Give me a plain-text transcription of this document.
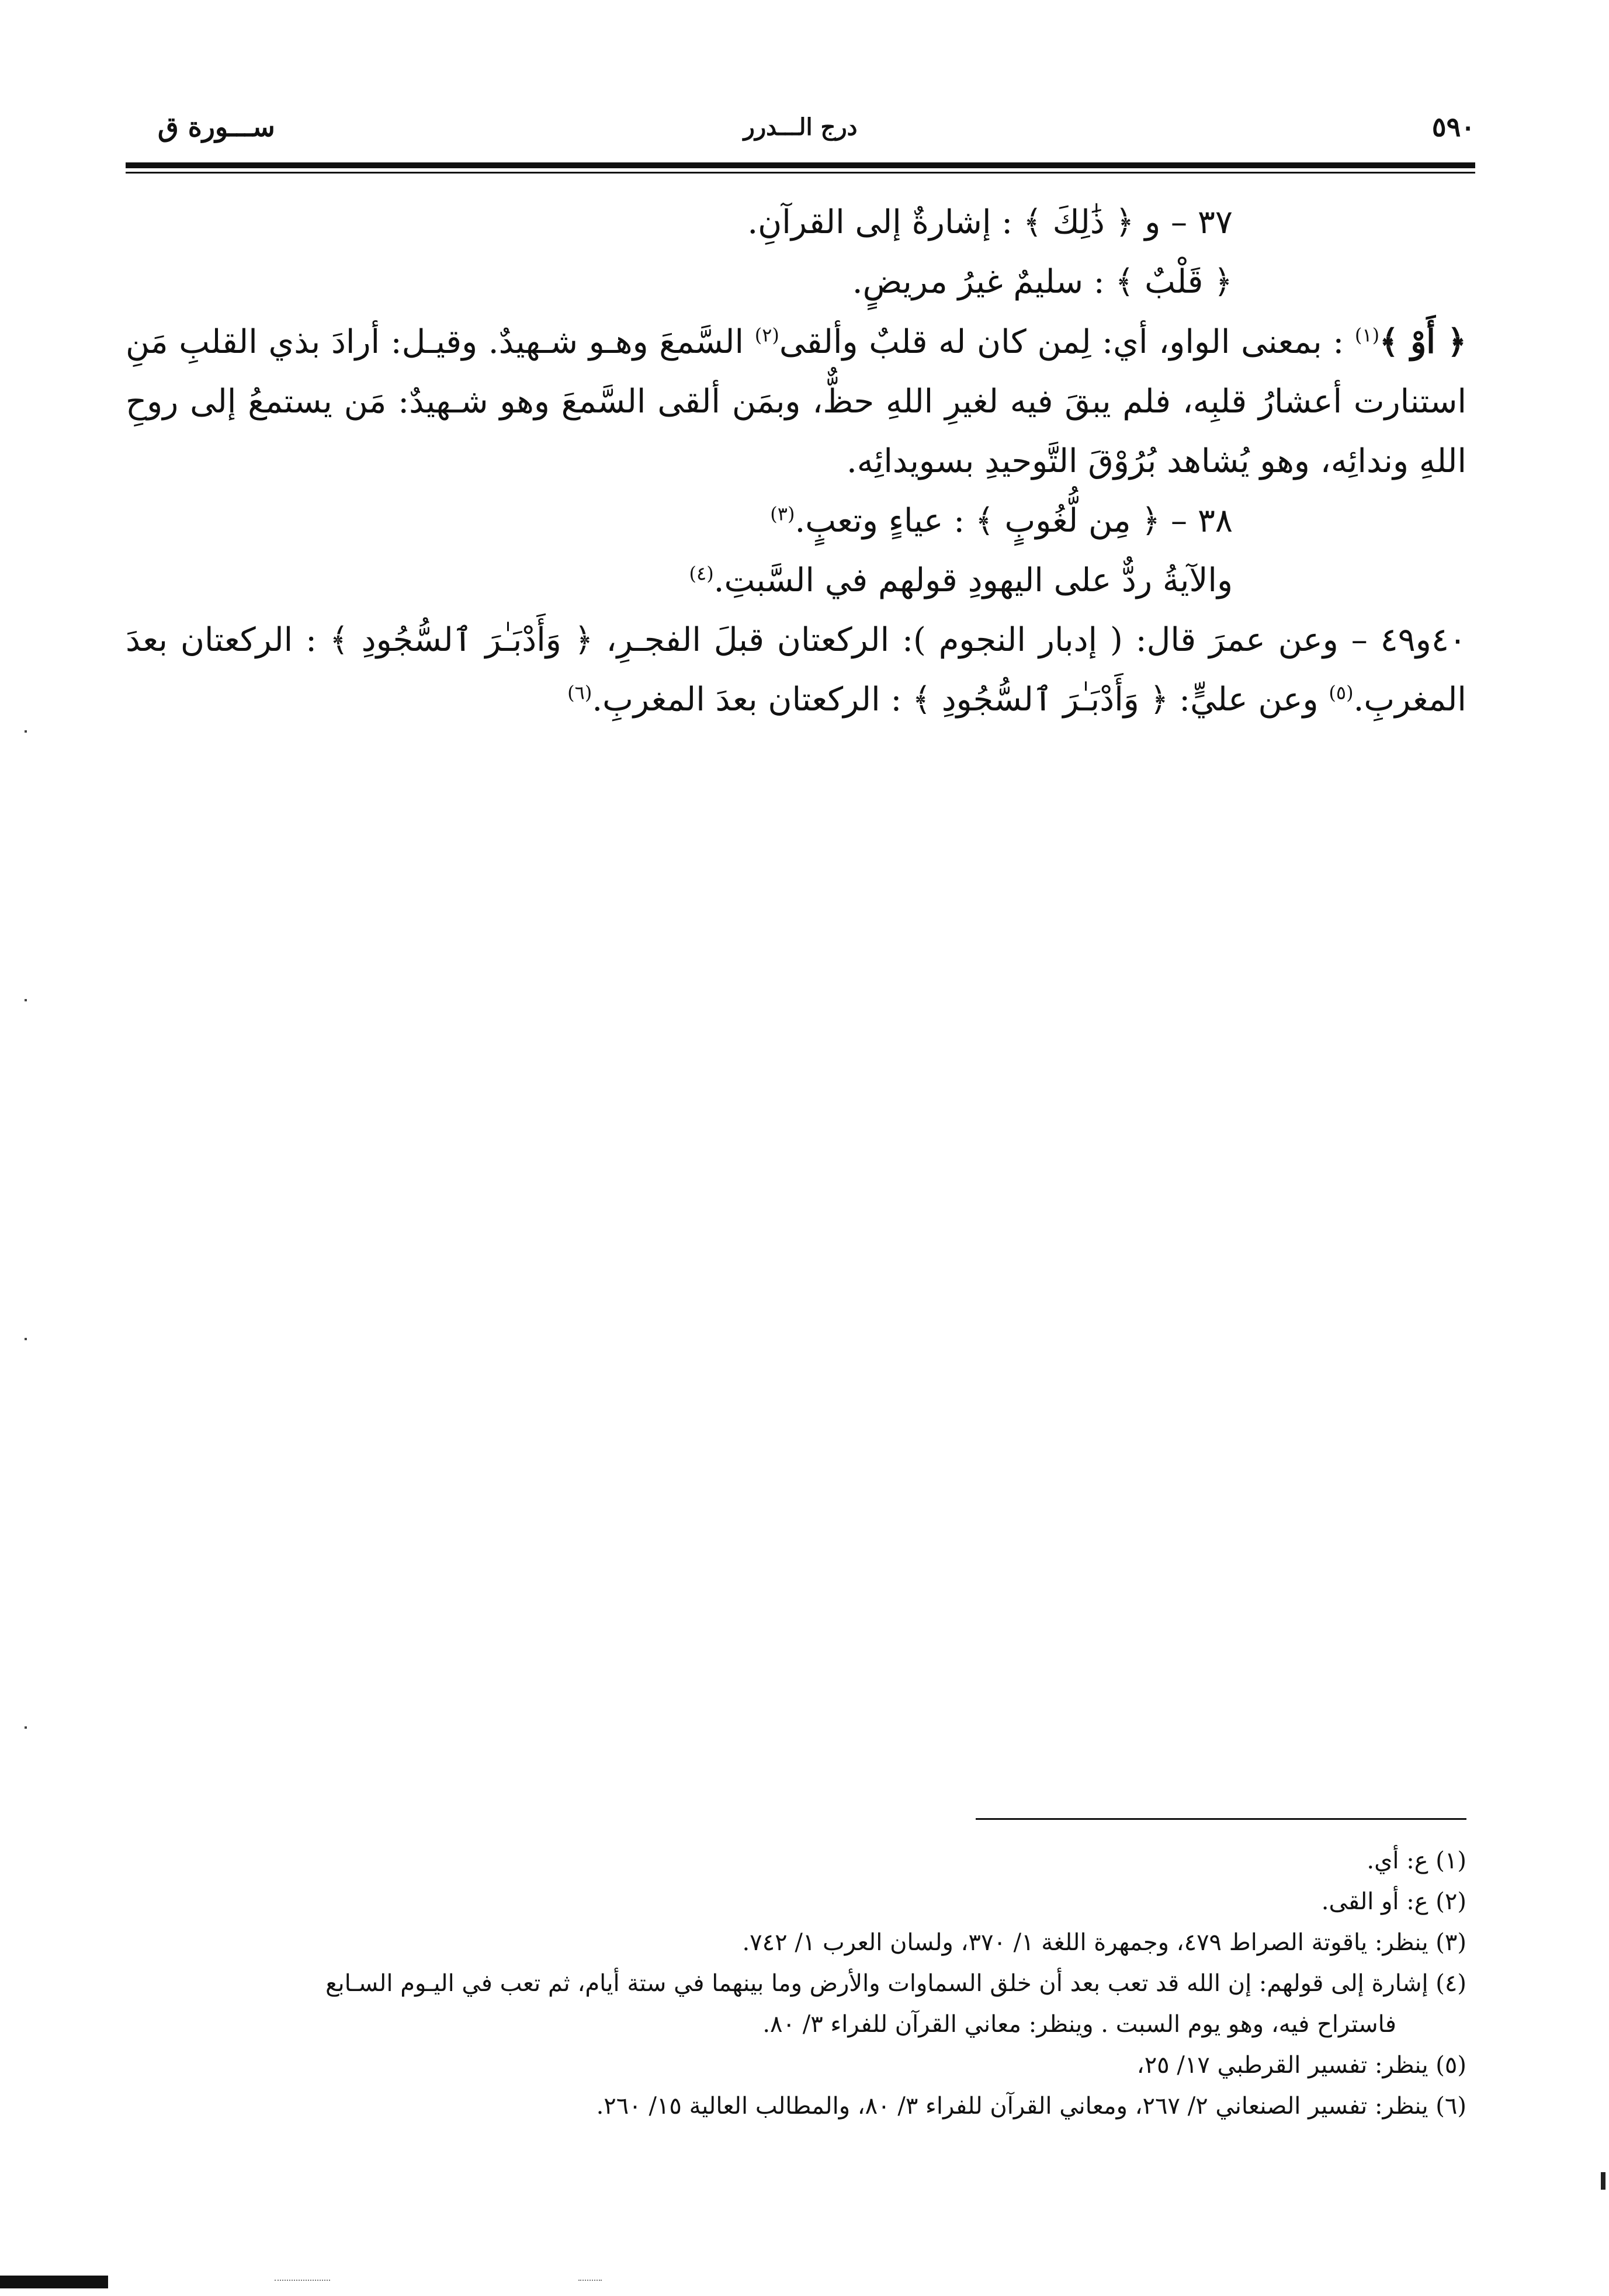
٥٩٠
درج الـــدرر
ســـورة ق

٣٧ – و ﴿ ذَٰلِكَ ﴾ : إشارةٌ إلى القرآنِ.

﴿ قَلْبٌ ﴾ : سليمٌ غيرُ مريضٍ.

﴿ أَوْ ﴾$^{(١)}$ : بمعنى الواو، أي: لِمن كان له قلبٌ وألقى$^{(٢)}$ السَّمعَ وهـو شـهيدٌ. وقيـل: أرادَ بذي القلبِ مَنِ استنارت أعشارُ قلبِه، فلم يبقَ فيه لغيرِ اللهِ حظٌّ، وبمَن ألقى السَّمعَ وهو شـهيدٌ: مَن يستمعُ إلى روحِ اللهِ وندائِه، وهو يُشاهد بُرُوْقَ التَّوحيدِ بسويدائِه.

٣٨ – ﴿ مِن لُّغُوبٍ ﴾ : عياءٍ وتعبٍ.$^{(٣)}$

والآيةُ ردٌّ على اليهودِ قولهم في السَّبتِ.$^{(٤)}$

٤٠و٤٩ – وعن عمرَ قال: ( إدبار النجوم ): الركعتان قبلَ الفجـرِ، ﴿ وَأَدْبَـٰرَ ٱلسُّجُودِ ﴾ : الركعتان بعدَ المغربِ.$^{(٥)}$ وعن عليٍّ: ﴿ وَأَدْبَـٰرَ ٱلسُّجُودِ ﴾ : الركعتان بعدَ المغربِ.$^{(٦)}$

(١) ع: أي.

(٢) ع: أو القى.

(٣) ينظر: ياقوتة الصراط ٤٧٩، وجمهرة اللغة ١/ ٣٧٠، ولسان العرب ١/ ٧٤٢.

(٤) إشارة إلى قولهم: إن الله قد تعب بعد أن خلق السماوات والأرض وما بينهما في ستة أيام، ثم تعب في اليـوم السـابع

فاستراح فيه، وهو يوم السبت . وينظر: معاني القرآن للفراء ٣/ ٨٠.

(٥) ينظر: تفسير القرطبي ١٧/ ٢٥،

(٦) ينظر: تفسير الصنعاني ٢/ ٢٦٧، ومعاني القرآن للفراء ٣/ ٨٠، والمطالب العالية ١٥/ ٢٦٠.
